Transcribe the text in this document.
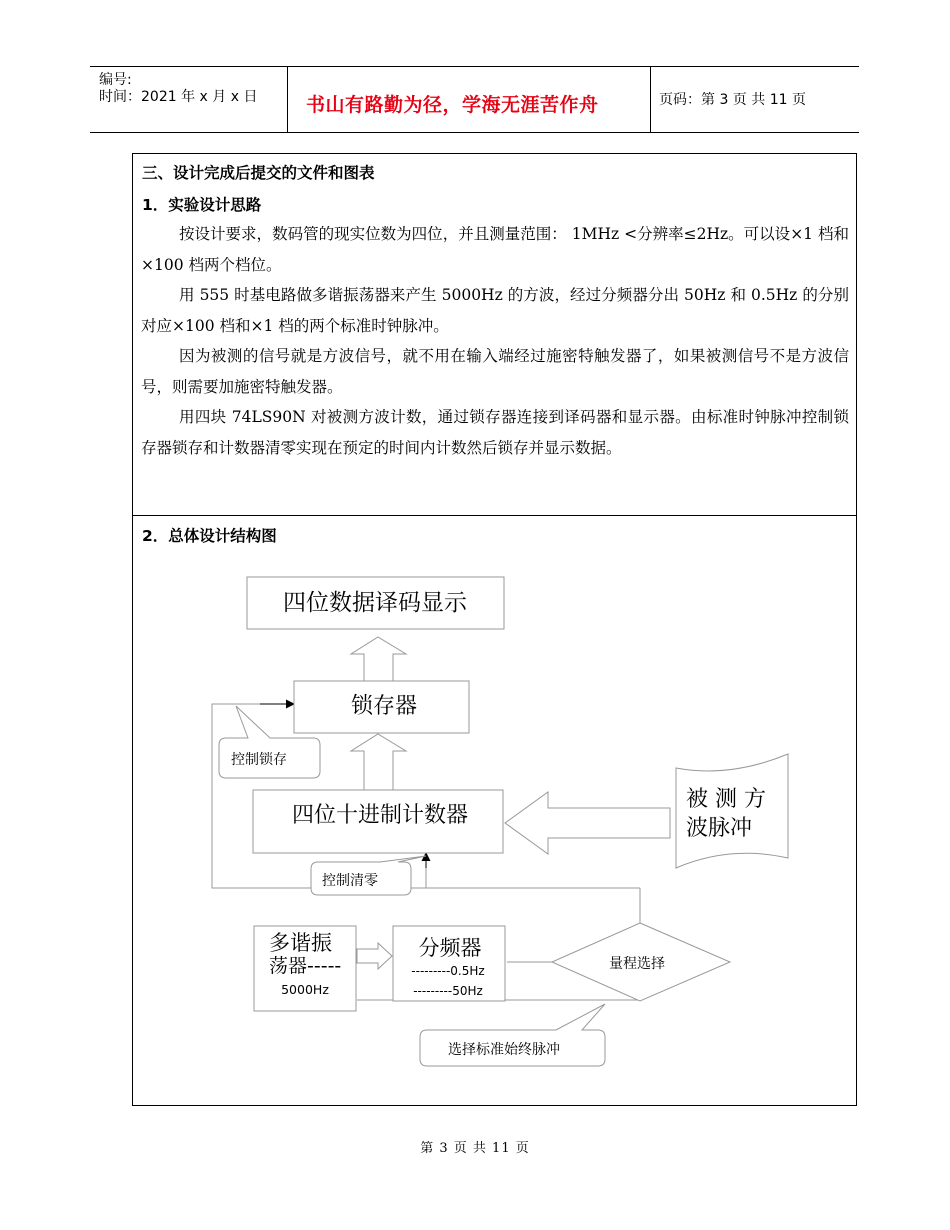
编号:
时间：2021 年 x 月 x 日	书山有路勤为径，学海无涯苦作舟	页码：第 3 页 共 11 页
三、设计完成后提交的文件和图表
1．实验设计思路

按设计要求，数码管的现实位数为四位，并且测量范围： 1MHz <分辨率≤2Hz。可以设×1 档和×100 档两个档位。

用 555 时基电路做多谐振荡器来产生 5000Hz 的方波，经过分频器分出 50Hz 和 0.5Hz 的分别对应×100 档和×1 档的两个标准时钟脉冲。

因为被测的信号就是方波信号，就不用在输入端经过施密特触发器了，如果被测信号不是方波信号，则需要加施密特触发器。

用四块 74LS90N 对被测方波计数，通过锁存器连接到译码器和显示器。由标准时钟脉冲控制锁存器锁存和计数器清零实现在预定的时间内计数然后锁存并显示数据。

2．总体设计结构图
四位数据译码显示
锁存器
四位十进制计数器
被 测 方
波脉冲
多谐振
荡器-----
5000Hz
分频器
---------0.5Hz
---------50Hz
量程选择
控制锁存
控制清零
选择标准始终脉冲
第 3 页 共 11 页
